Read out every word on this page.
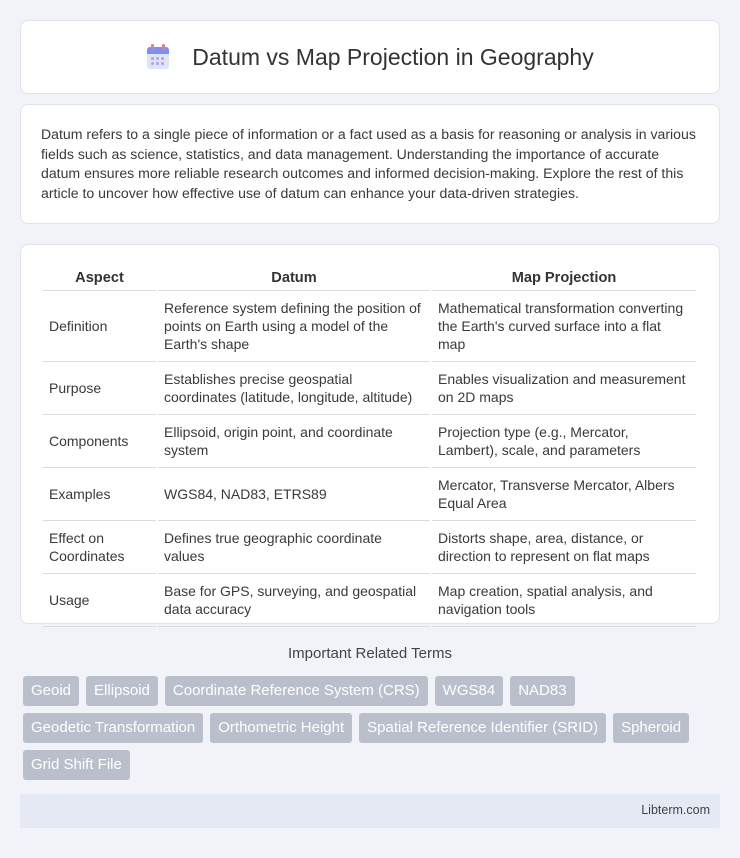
Datum vs Map Projection in Geography

Datum refers to a single piece of information or a fact used as a basis for reasoning or analysis in various fields such as science, statistics, and data management. Understanding the importance of accurate datum ensures more reliable research outcomes and informed decision-making. Explore the rest of this article to uncover how effective use of datum can enhance your data-driven strategies.

Aspect	Datum	Map Projection
Definition	Reference system defining the position of points on Earth using a model of the Earth's shape	Mathematical transformation converting the Earth's curved surface into a flat map
Purpose	Establishes precise geospatial coordinates (latitude, longitude, altitude)	Enables visualization and measurement on 2D maps
Components	Ellipsoid, origin point, and coordinate system	Projection type (e.g., Mercator, Lambert), scale, and parameters
Examples	WGS84, NAD83, ETRS89	Mercator, Transverse Mercator, Albers Equal Area
Effect on Coordinates	Defines true geographic coordinate values	Distorts shape, area, distance, or direction to represent on flat maps
Usage	Base for GPS, surveying, and geospatial data accuracy	Map creation, spatial analysis, and navigation tools
Important Related Terms
Geoid	Ellipsoid	Coordinate Reference System (CRS)	WGS84	NAD83
Geodetic Transformation	Orthometric Height	Spatial Reference Identifier (SRID)	Spheroid
Grid Shift File
Libterm.com
